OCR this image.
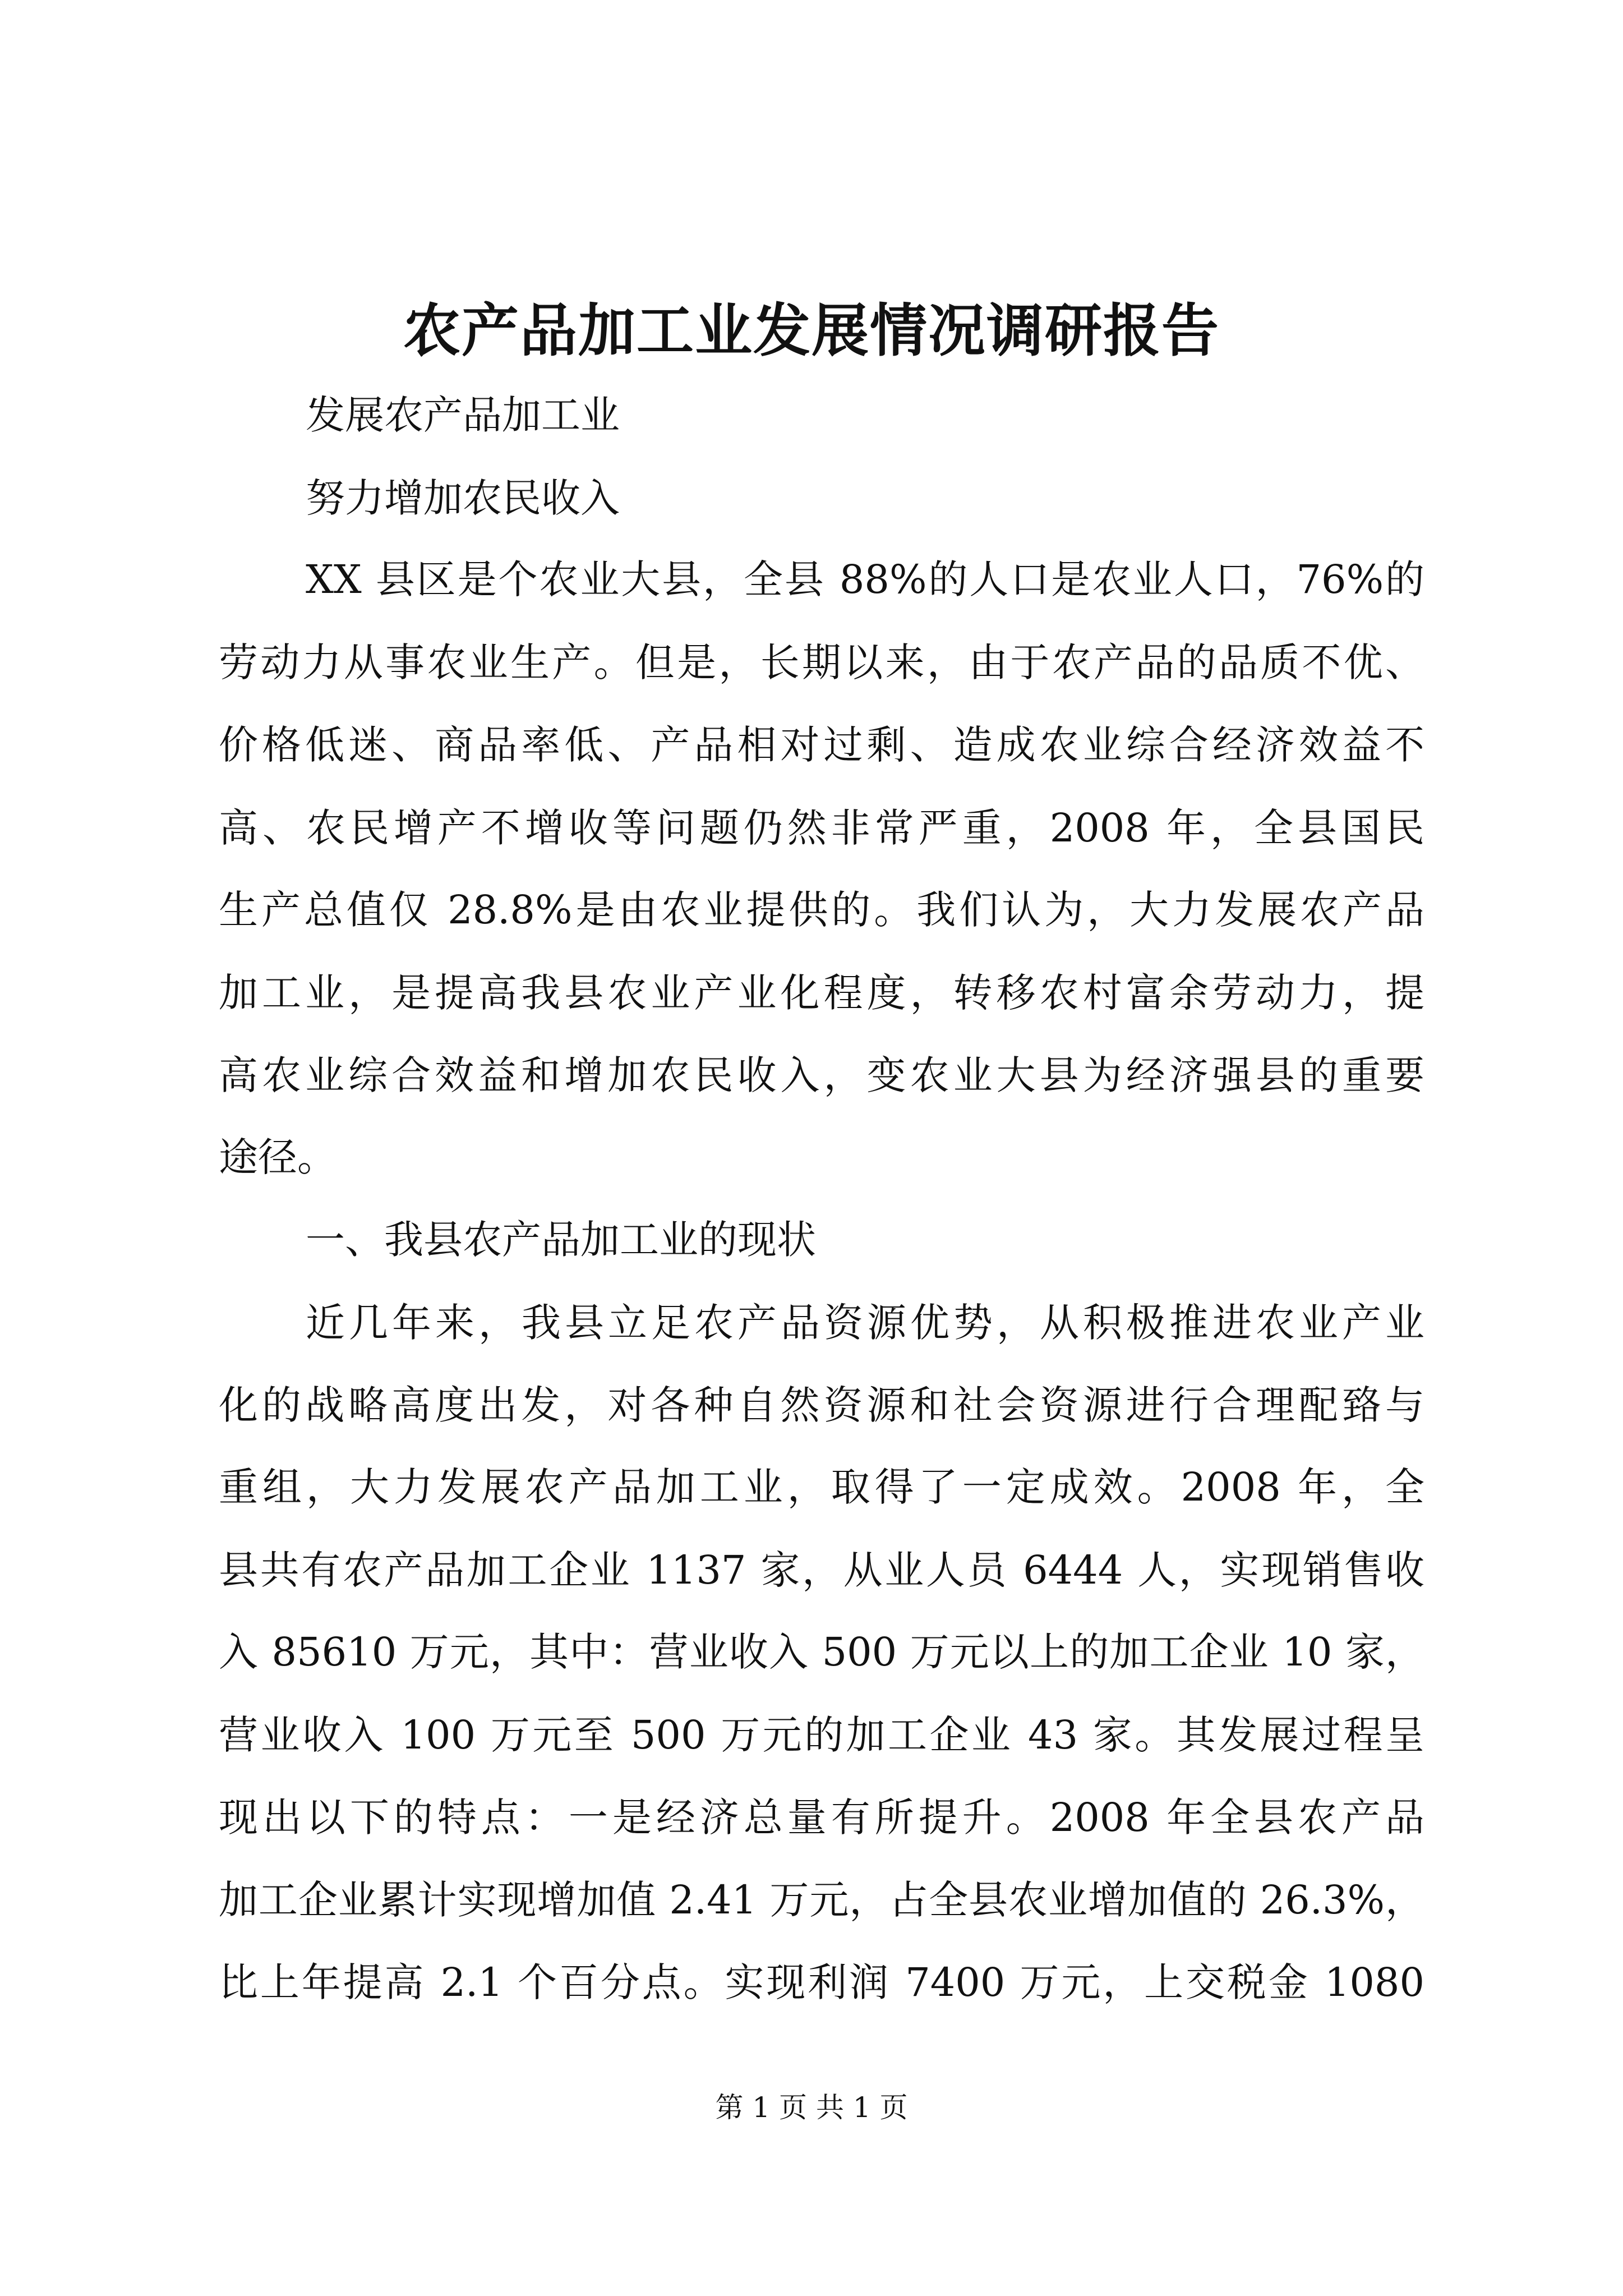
农产品加工业发展情况调研报告
发展农产品加工业
努力增加农民收入
XX 县区是个农业大县，全县 88%的人口是农业人口，76%的
劳动力从事农业生产。但是，长期以来，由于农产品的品质不优、
价格低迷、商品率低、产品相对过剩、造成农业综合经济效益不
高、农民增产不增收等问题仍然非常严重，2008 年，全县国民
生产总值仅 28.8%是由农业提供的。我们认为，大力发展农产品
加工业，是提高我县农业产业化程度，转移农村富余劳动力，提
高农业综合效益和增加农民收入，变农业大县为经济强县的重要
途径。
一、我县农产品加工业的现状
近几年来，我县立足农产品资源优势，从积极推进农业产业
化的战略高度出发，对各种自然资源和社会资源进行合理配臵与
重组，大力发展农产品加工业，取得了一定成效。2008 年，全
县共有农产品加工企业 1137 家，从业人员 6444 人，实现销售收
入 85610 万元，其中：营业收入 500 万元以上的加工企业 10 家，
营业收入 100 万元至 500 万元的加工企业 43 家。其发展过程呈
现出以下的特点：一是经济总量有所提升。2008 年全县农产品
加工企业累计实现增加值 2.41 万元，占全县农业增加值的 26.3%，
比上年提高 2.1 个百分点。实现利润 7400 万元，上交税金 1080
第 1 页 共 1 页
